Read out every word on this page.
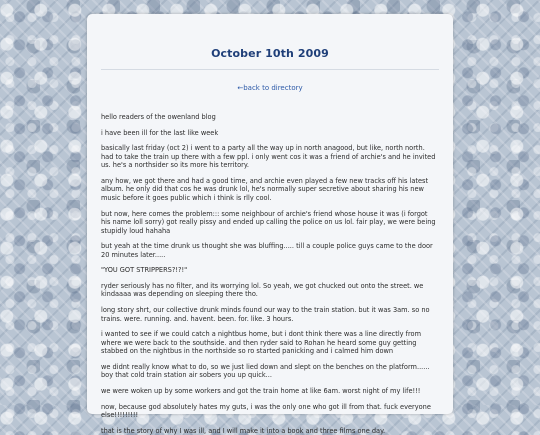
October 10th 2009
←back to directory

hello readers of the owenland blog

i have been ill for the last like week

basically last friday (oct 2) i went to a party all the way up in north anagood, but like, north north. had to take the train up there with a few ppl. i only went cos it was a friend of archie's and he invited us. he's a northsider so its more his territory.

any how, we got there and had a good time, and archie even played a few new tracks off his latest album. he only did that cos he was drunk lol, he's normally super secretive about sharing his new music before it goes public which i think is rlly cool.

but now, here comes the problem::: some neighbour of archie's friend whose house it was (i forgot his name loll sorry) got really pissy and ended up calling the police on us lol. fair play, we were being stupidly loud hahaha

but yeah at the time drunk us thought she was bluffing..... till a couple police guys came to the door 20 minutes later.....

"YOU GOT STRIPPERS?!?!"

ryder seriously has no filter, and its worrying lol. So yeah, we got chucked out onto the street. we kindaaaa was depending on sleeping there tho.

long story shrt, our collective drunk minds found our way to the train station. but it was 3am. so no trains. were. running. and. havent. been. for. like. 3 hours.

i wanted to see if we could catch a nightbus home, but i dont think there was a line directly from where we were back to the southside. and then ryder said to Rohan he heard some guy getting stabbed on the nightbus in the northside so ro started panicking and i calmed him down

we didnt really know what to do, so we just lied down and slept on the benches on the platform...... boy that cold train station air sobers you up quick...

we were woken up by some workers and got the train home at like 6am. worst night of my life!!!

now, because god absolutely hates my guts, i was the only one who got ill from that. fuck everyone else!!!!!!!!!

that is the story of why I was ill, and I will make it into a book and three films one day.
